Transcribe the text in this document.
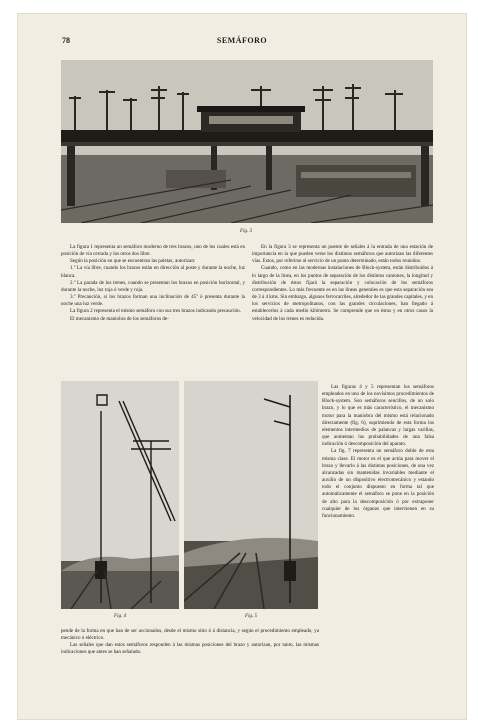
78	SEMÁFORO
Fig. 3

La figura 1 representa un semáforo moderno de tres brazos, uno de los cuales está en posición de vía cerrada y los otros dos libre.

Según la posición en que se encuentran las paletas, autorizan:

1.º La vía libre, cuando los brazos están en dirección al poste y durante la noche, luz blanca.

2.º La parada de los trenes, cuando se presentan los brazos en posición horizontal, y durante la noche, luz roja ó verde y roja.

3.º Precaución, si los brazos forman una inclinación de 45º ó presenta durante la noche una luz verde.

La figura 2 representa el mismo semáforo con sus tres brazos indicando precaución.

El mecanismo de maniobra de los semáforos de-

En la figura 3 se representa un puente de señales á la entrada de una estación de importancia en la que pueden verse los distintos semáforos que autorizan las diferentes vías. Estos, por referirse al servicio de un punto determinado, están todos reunidos.

Cuando, como en las modernas instalaciones de Block-system, están distribuidos á lo largo de la línea, en los puntos de separación de los distintos cantones, la longitud y distribución de éstos fijará la separación y colocación de los semáforos correspondientes. Lo más frecuente es en las líneas generales es que esta separación sea de 3 á 4 kms. Sin embargo, algunos ferrocarriles, alrededor de las grandes capitales, y en los servicios de metropolitanos, con las grandes circulaciones, han llegado á establecerlos á cada medio kilómetro. Se comprende que en éstos y en otros casos la velocidad de los trenes es reducida.

Fig. 4	Fig. 5

Las figuras 4 y 5 representan los semáforos empleados en uno de los novísimos procedimientos de Block-system. Son semáforos sencillos, de un solo brazo, y lo que es más característico, el mecanismo motor para la maniobra del mismo está relacionado directamente (fig. 6), suprimiendo de esta forma los elementos intermedios de palancas y largas varillas, que aumentan las probabilidades de una falsa indicación ó descomposición del aparato.

La fig. 7 representa un semáforo doble de esta misma clase. El motor es el que actúa para mover el brazo y llevarlo á las distintas posiciones, de una vez alcanzadas sin mantenidas invariables mediante el auxilio de un dispositivo electromecánico y estando todo el conjunto dispuesto en forma tal que automáticamente el semáforo se pone en la posición de alto para la descomposición ó por extraponer cualquier de los órganos que intervienen en su funcionamiento.

pende de la forma en que han de ser accionados, desde el mismo sitio ó á distancia, y según el procedimiento empleado, ya mecánico ó eléctrico.

Las señales que dan estos semáforos responden á las mismas posiciones del brazo y autorizan, por tanto, las mismas indicaciones que antes se han señalado.
